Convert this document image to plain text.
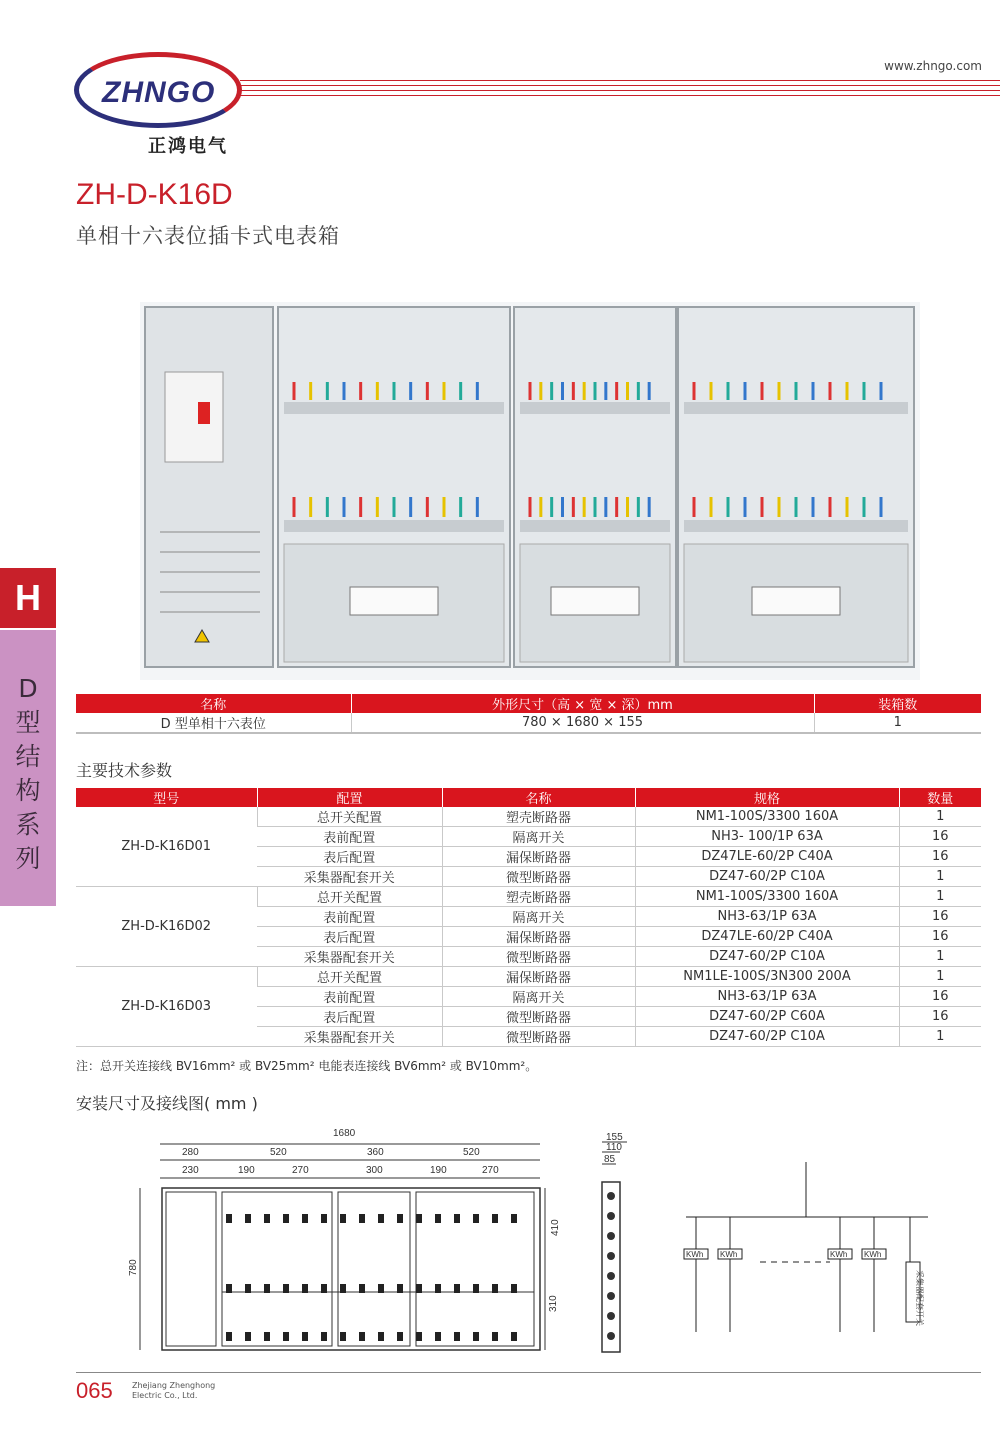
ZHNGO
正鸿电气
www.zhngo.com
ZH-D-K16D
单相十六表位插卡式电表箱
H
D
型
结
构
系
列
名称	外形尺寸（高 × 宽 × 深）mm	装箱数
D 型单相十六表位	780 × 1680 × 155	1
主要技术参数
型号	配置	名称	规格	数量
ZH-D-K16D01	总开关配置	塑壳断路器	NM1-100S/3300 160A	1
	表前配置	隔离开关	NH3- 100/1P 63A	16
	表后配置	漏保断路器	DZ47LE-60/2P C40A	16
	采集器配套开关	微型断路器	DZ47-60/2P C10A	1
ZH-D-K16D02	总开关配置	塑壳断路器	NM1-100S/3300 160A	1
	表前配置	隔离开关	NH3-63/1P 63A	16
	表后配置	漏保断路器	DZ47LE-60/2P C40A	16
	采集器配套开关	微型断路器	DZ47-60/2P C10A	1
ZH-D-K16D03	总开关配置	漏保断路器	NM1LE-100S/3N300 200A	1
	表前配置	隔离开关	NH3-63/1P 63A	16
	表后配置	微型断路器	DZ47-60/2P C60A	16
	采集器配套开关	微型断路器	DZ47-60/2P C10A	1
注：总开关连接线 BV16mm² 或 BV25mm² 电能表连接线 BV6mm² 或 BV10mm²。
安装尺寸及接线图( mm )
1680
280	520	360	520
230	190	270	300	190	270
780
410
310
155
110
85
KWh KWh	KWh KWh
采集器配套开关
065 Zhejiang Zhenghong
Electric Co., Ltd.
